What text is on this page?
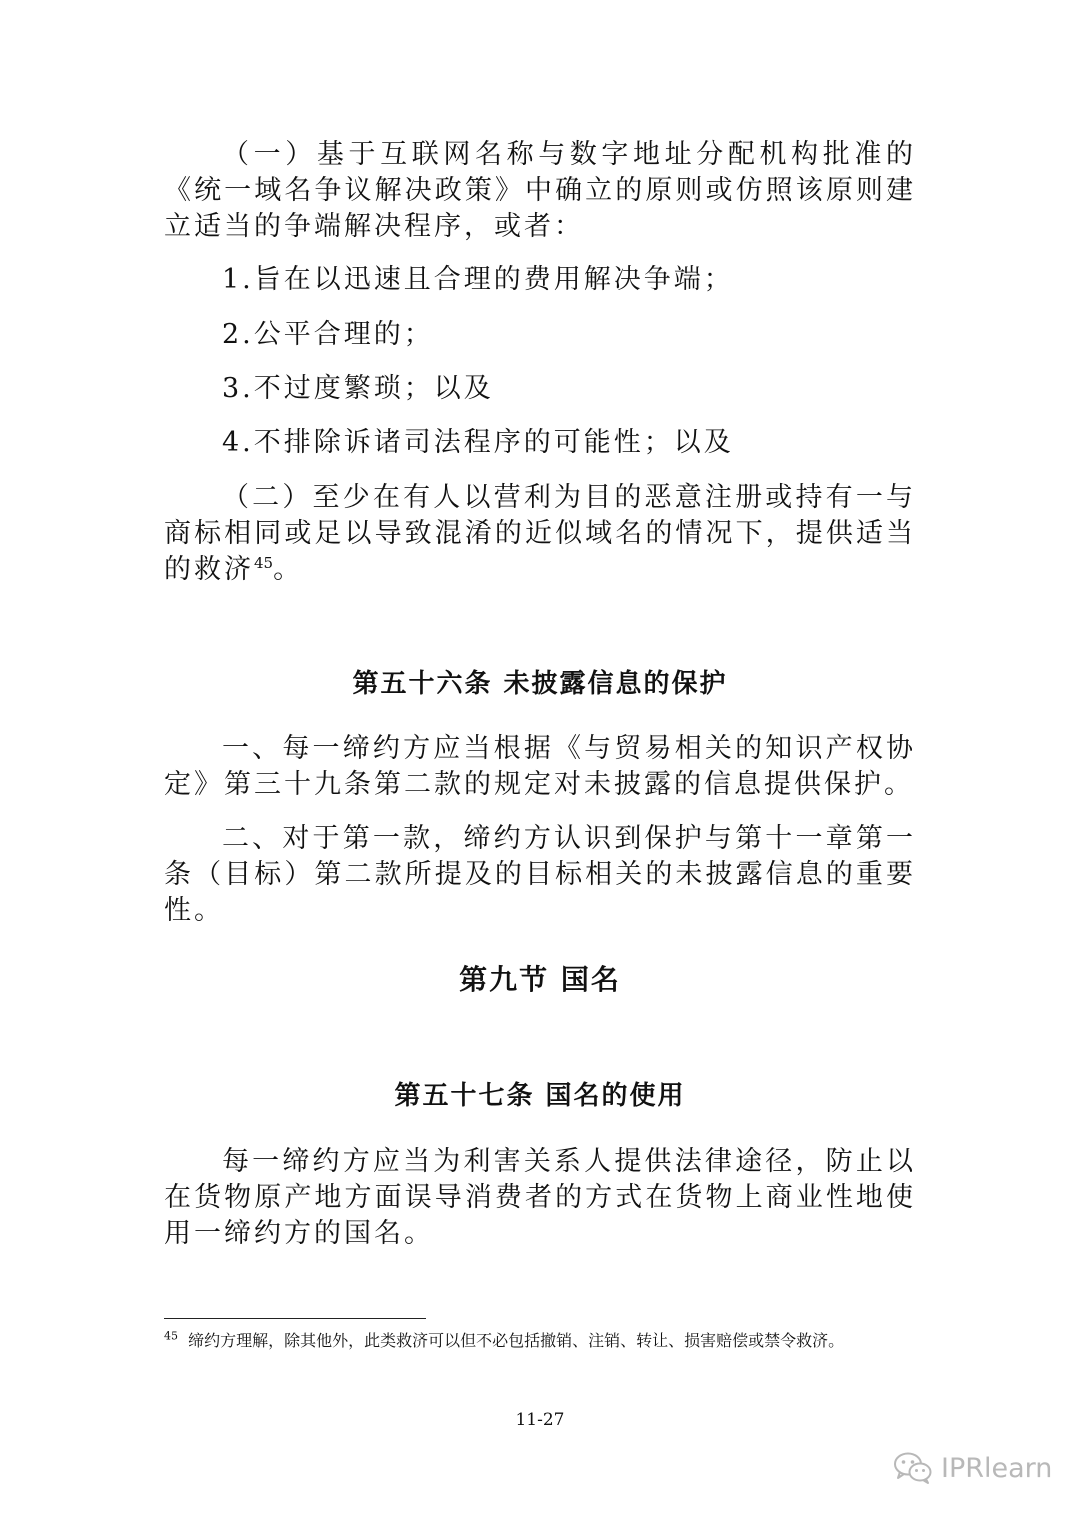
（一）基于互联网名称与数字地址分配机构批准的《统一域名争议解决政策》中确立的原则或仿照该原则建立适当的争端解决程序，或者：

1.旨在以迅速且合理的费用解决争端；

2.公平合理的；

3.不过度繁琐；以及

4.不排除诉诸司法程序的可能性；以及

（二）至少在有人以营利为目的恶意注册或持有一与商标相同或足以导致混淆的近似域名的情况下，提供适当的救济$^{45}$。

第五十六条 未披露信息的保护

一、每一缔约方应当根据《与贸易相关的知识产权协定》第三十九条第二款的规定对未披露的信息提供保护。

二、对于第一款，缔约方认识到保护与第十一章第一条（目标）第二款所提及的目标相关的未披露信息的重要性。

第九节 国名
第五十七条 国名的使用

每一缔约方应当为利害关系人提供法律途径，防止以在货物原产地方面误导消费者的方式在货物上商业性地使用一缔约方的国名。

$^{45}$ 缔约方理解，除其他外，此类救济可以但不必包括撤销、注销、转让、损害赔偿或禁令救济。

11-27

IPRlearn
